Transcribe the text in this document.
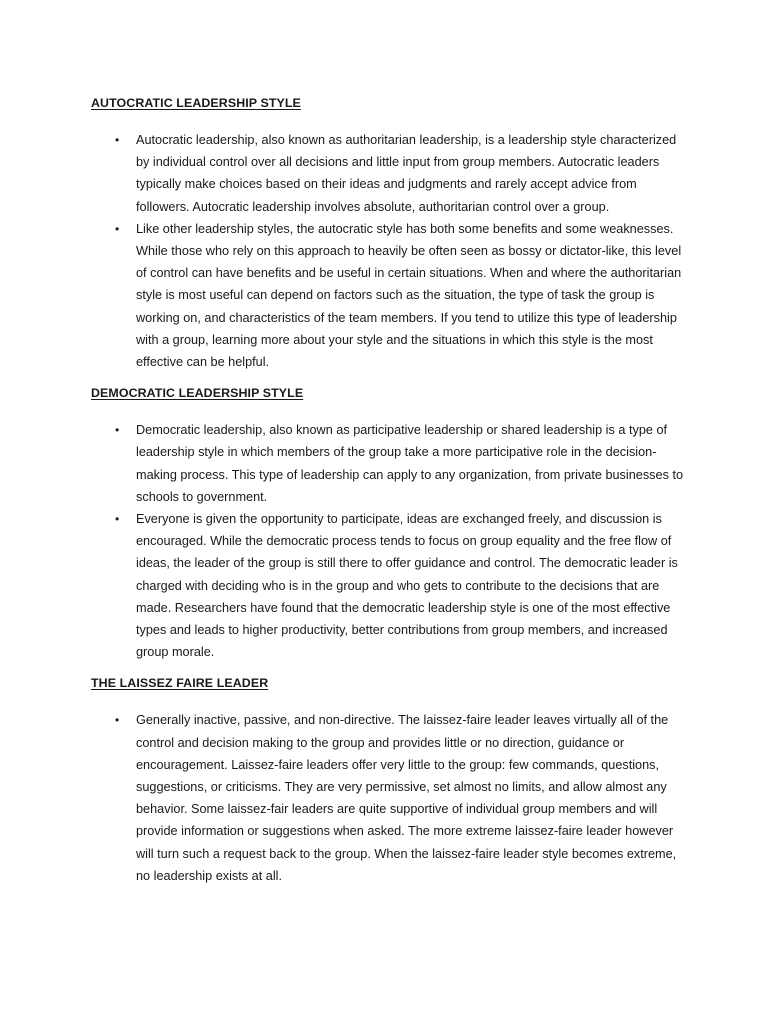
AUTOCRATIC LEADERSHIP STYLE
• Autocratic leadership, also known as authoritarian leadership, is a leadership style characterized by individual control over all decisions and little input from group members. Autocratic leaders typically make choices based on their ideas and judgments and rarely accept advice from followers. Autocratic leadership involves absolute, authoritarian control over a group.
• Like other leadership styles, the autocratic style has both some benefits and some weaknesses. While those who rely on this approach to heavily be often seen as bossy or dictator-like, this level of control can have benefits and be useful in certain situations. When and where the authoritarian style is most useful can depend on factors such as the situation, the type of task the group is working on, and characteristics of the team members. If you tend to utilize this type of leadership with a group, learning more about your style and the situations in which this style is the most effective can be helpful.
DEMOCRATIC LEADERSHIP STYLE
• Democratic leadership, also known as participative leadership or shared leadership is a type of leadership style in which members of the group take a more participative role in the decision-making process. This type of leadership can apply to any organization, from private businesses to schools to government.
• Everyone is given the opportunity to participate, ideas are exchanged freely, and discussion is encouraged. While the democratic process tends to focus on group equality and the free flow of ideas, the leader of the group is still there to offer guidance and control. The democratic leader is charged with deciding who is in the group and who gets to contribute to the decisions that are made. Researchers have found that the democratic leadership style is one of the most effective types and leads to higher productivity, better contributions from group members, and increased group morale.
THE LAISSEZ FAIRE LEADER
• Generally inactive, passive, and non-directive. The laissez-faire leader leaves virtually all of the control and decision making to the group and provides little or no direction, guidance or encouragement. Laissez-faire leaders offer very little to the group: few commands, questions, suggestions, or criticisms. They are very permissive, set almost no limits, and allow almost any behavior. Some laissez-fair leaders are quite supportive of individual group members and will provide information or suggestions when asked. The more extreme laissez-faire leader however will turn such a request back to the group. When the laissez-faire leader style becomes extreme, no leadership exists at all.
